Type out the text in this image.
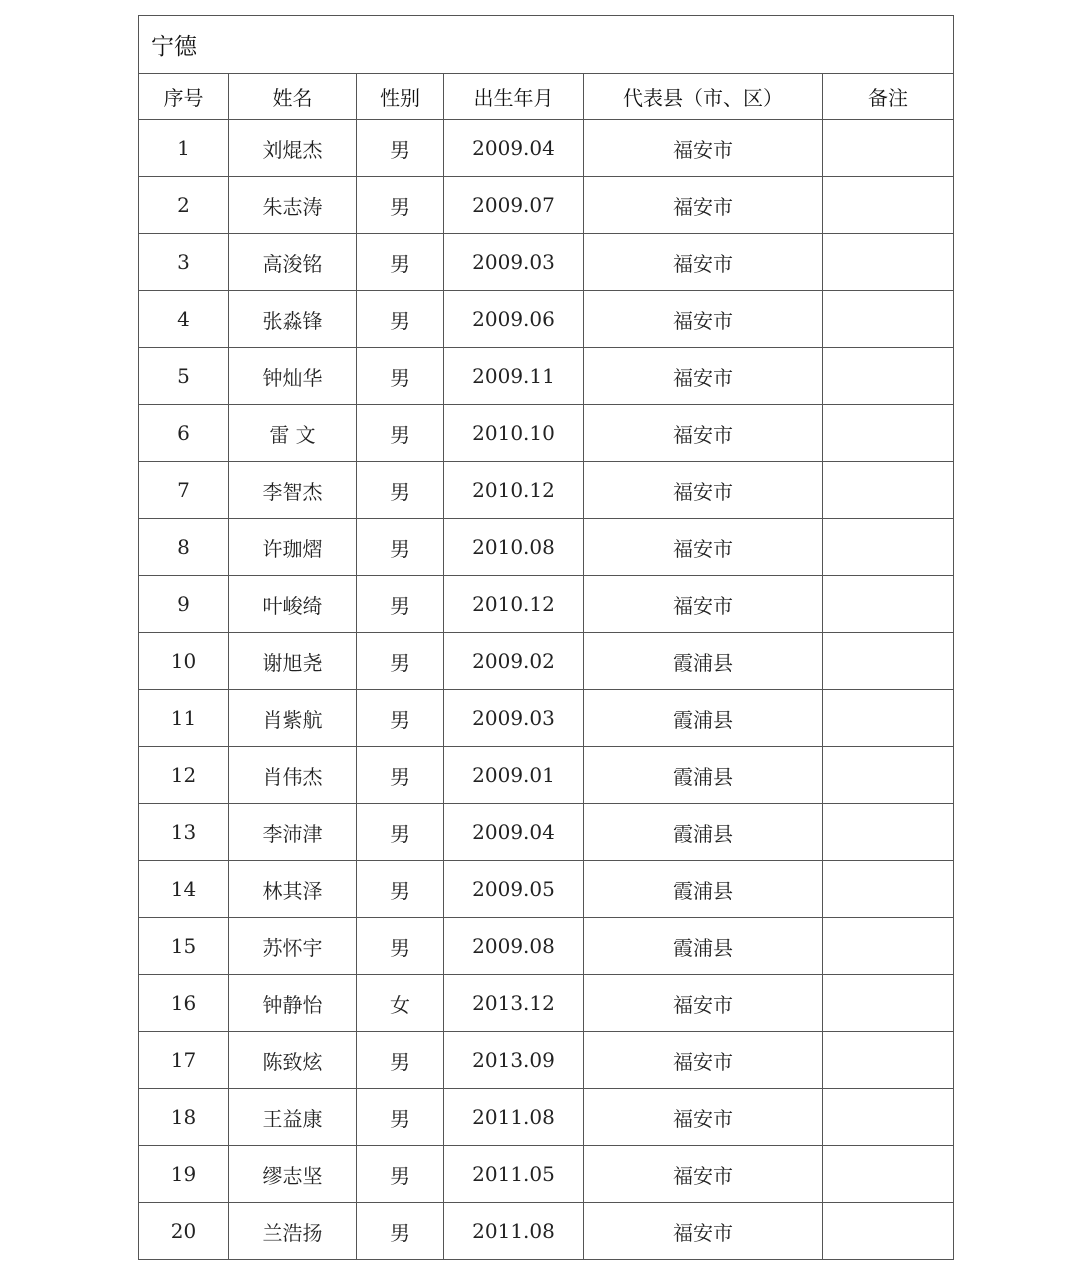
宁德					
序号	姓名	性别	出生年月	代表县（市、区）	备注
1	刘焜杰	男	2009.04	福安市	
2	朱志涛	男	2009.07	福安市	
3	高浚铭	男	2009.03	福安市	
4	张淼锋	男	2009.06	福安市	
5	钟灿华	男	2009.11	福安市	
6	雷 文	男	2010.10	福安市	
7	李智杰	男	2010.12	福安市	
8	许珈熠	男	2010.08	福安市	
9	叶峻绮	男	2010.12	福安市	
10	谢旭尧	男	2009.02	霞浦县	
11	肖紫航	男	2009.03	霞浦县	
12	肖伟杰	男	2009.01	霞浦县	
13	李沛津	男	2009.04	霞浦县	
14	林其泽	男	2009.05	霞浦县	
15	苏怀宇	男	2009.08	霞浦县	
16	钟静怡	女	2013.12	福安市	
17	陈致炫	男	2013.09	福安市	
18	王益康	男	2011.08	福安市	
19	缪志坚	男	2011.05	福安市	
20	兰浩扬	男	2011.08	福安市	
